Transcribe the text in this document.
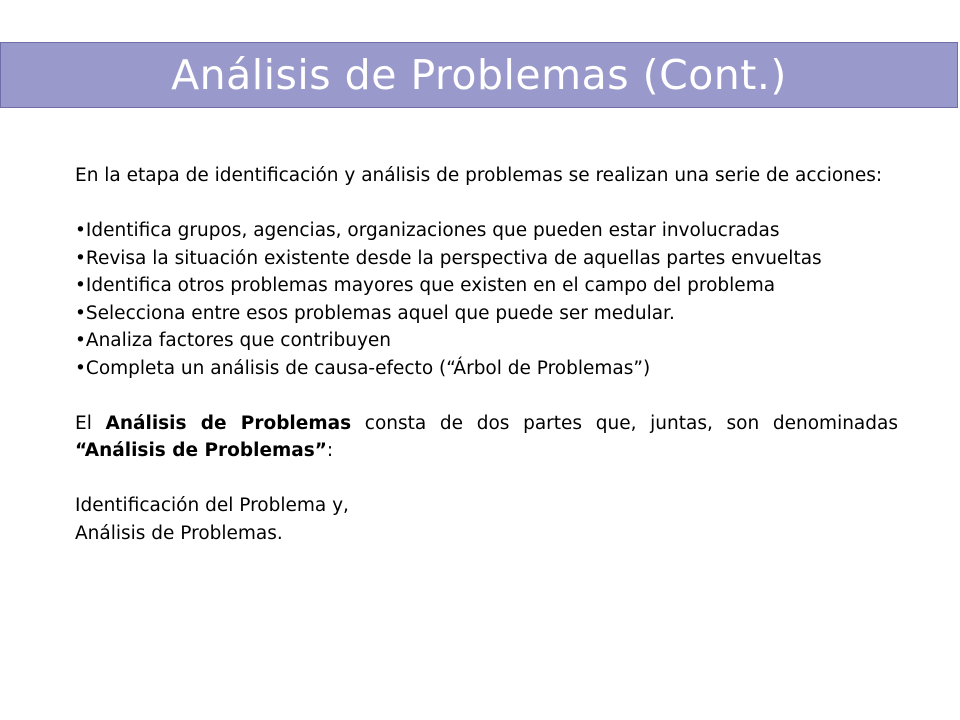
Análisis de Problemas (Cont.)

En la etapa de identificación y análisis de problemas se realizan una serie de acciones:

•Identifica grupos, agencias, organizaciones que pueden estar involucradas
•Revisa la situación existente desde la perspectiva de aquellas partes envueltas
•Identifica otros problemas mayores que existen en el campo del problema
•Selecciona entre esos problemas aquel que puede ser medular.
•Analiza factores que contribuyen
•Completa un análisis de causa-efecto (“Árbol de Problemas”)

El Análisis de Problemas consta de dos partes que, juntas, son denominadas “Análisis de Problemas”:

Identificación del Problema y,

Análisis de Problemas.
